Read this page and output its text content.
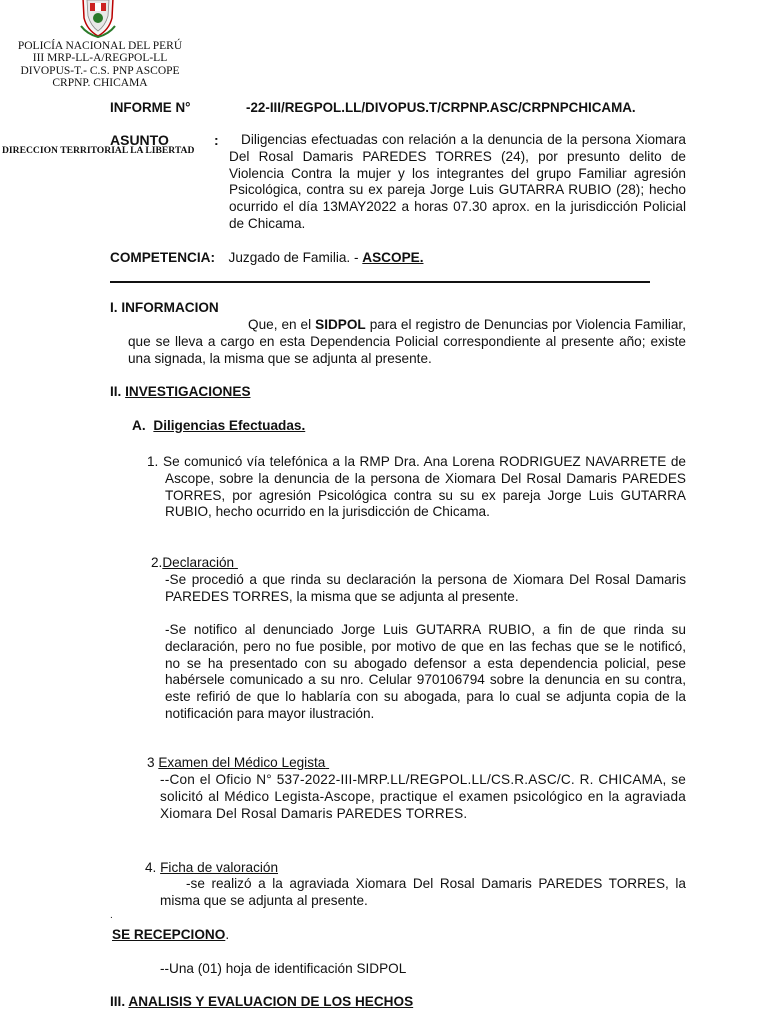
POLICÍA NACIONAL DEL PERÚ
III MRP-LL-A/REGPOL-LL
DIVOPUS-T.- C.S. PNP ASCOPE
CRPNP. CHICAMA
INFORME N°	-22-III/REGPOL.LL/DIVOPUS.T/CRPNP.ASC/CRPNPCHICAMA.
ASUNTO
DIRECCION TERRITORIAL LA LIBERTAD
:	Diligencias efectuadas con relación a la denuncia de la persona Xiomara Del Rosal Damaris PAREDES TORRES (24), por presunto delito de Violencia Contra la mujer y los integrantes del grupo Familiar agresión Psicológica, contra su ex pareja Jorge Luis GUTARRA RUBIO (28); hecho ocurrido el día 13MAY2022 a horas 07.30 aprox. en la jurisdicción Policial de Chicama.
COMPETENCIA: Juzgado de Familia. - ASCOPE.
I. INFORMACION
Que, en el SIDPOL para el registro de Denuncias por Violencia Familiar, que se lleva a cargo en esta Dependencia Policial correspondiente al presente año; existe una signada, la misma que se adjunta al presente.
II. INVESTIGACIONES
A. Diligencias Efectuadas.
1. Se comunicó vía telefónica a la RMP Dra. Ana Lorena RODRIGUEZ NAVARRETE de Ascope, sobre la denuncia de la persona de Xiomara Del Rosal Damaris PAREDES TORRES, por agresión Psicológica contra su su ex pareja Jorge Luis GUTARRA RUBIO, hecho ocurrido en la jurisdicción de Chicama.
2.Declaración
-Se procedió a que rinda su declaración la persona de Xiomara Del Rosal Damaris PAREDES TORRES, la misma que se adjunta al presente.
-Se notifico al denunciado Jorge Luis GUTARRA RUBIO, a fin de que rinda su declaración, pero no fue posible, por motivo de que en las fechas que se le notificó, no se ha presentado con su abogado defensor a esta dependencia policial, pese habérsele comunicado a su nro. Celular 970106794 sobre la denuncia en su contra, este refirió de que lo hablaría con su abogada, para lo cual se adjunta copia de la notificación para mayor ilustración.
3 Examen del Médico Legista
--Con el Oficio N° 537-2022-III-MRP.LL/REGPOL.LL/CS.R.ASC/C. R. CHICAMA, se solicitó al Médico Legista-Ascope, practique el examen psicológico en la agraviada Xiomara Del Rosal Damaris PAREDES TORRES.
4. Ficha de valoración
-se realizó a la agraviada Xiomara Del Rosal Damaris PAREDES TORRES, la misma que se adjunta al presente.
.
SE RECEPCIONO.
--Una (01) hoja de identificación SIDPOL
III. ANALISIS Y EVALUACION DE LOS HECHOS
